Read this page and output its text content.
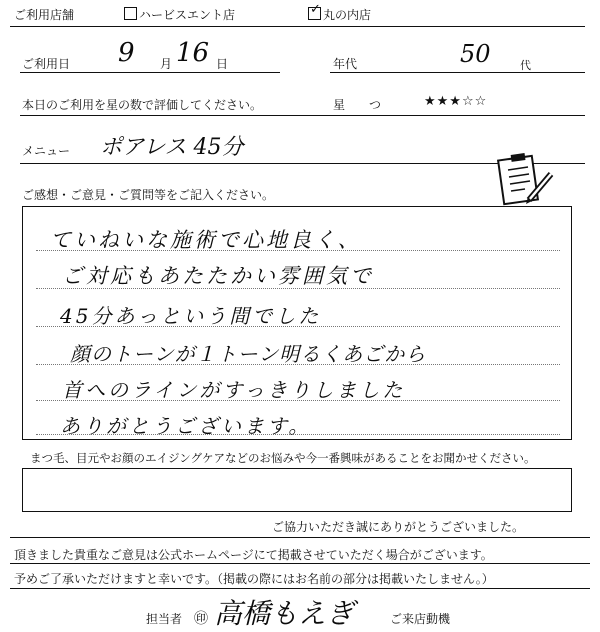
ご利用店舗	ハービスエント店	✓ 丸の内店
ご利用日 9 月 16 日	年代	50	代
本日のご利用を星の数で評価してください。	星　　つ	★★★☆☆
メニュー ポアレス 45分
ご感想・ご意見・ご質問等をご記入ください。
ていねいな施術で心地良く、
ご対応もあたたかい雰囲気で
45分あっという間でした
顔のトーンが１トーン明るくあごから
首へのラインがすっきりしました
ありがとうございます。
まつ毛、目元やお顔のエイジングケアなどのお悩みや今一番興味があることをお聞かせください。
ご協力いただき誠にありがとうございました。
頂きました貴重なご意見は公式ホームページにて掲載させていただく場合がございます。
予めご了承いただけますと幸いです。（掲載の際にはお名前の部分は掲載いたしません。）
担当者 ㊞ 高橋もえぎ	ご来店動機
